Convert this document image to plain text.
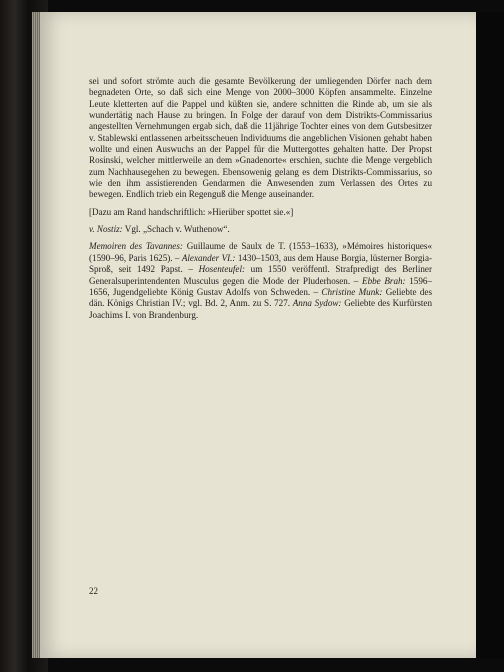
sei und sofort strömte auch die gesamte Bevölkerung der umliegenden Dörfer nach dem begnadeten Orte, so daß sich eine Menge von 2000–3000 Köpfen ansammelte. Einzelne Leute kletterten auf die Pappel und küßten sie, andere schnitten die Rinde ab, um sie als wundertätig nach Hause zu bringen. In Folge der darauf von dem Distrikts-Commissarius angestellten Vernehmungen ergab sich, daß die 11jährige Tochter eines von dem Gutsbesitzer v. Stablewski entlassenen arbeitsscheuen Individuums die angeblichen Visionen gehabt haben wollte und einen Auswuchs an der Pappel für die Muttergottes gehalten hatte. Der Propst Rosinski, welcher mittlerweile an dem »Gnadenorte« erschien, suchte die Menge vergeblich zum Nachhausegehen zu bewegen. Ebensowenig gelang es dem Distrikts-Commissarius, so wie den ihm assistierenden Gendarmen die Anwesenden zum Verlassen des Ortes zu bewegen. Endlich trieb ein Regenguß die Menge auseinander.

[Dazu am Rand handschriftlich: »Hierüber spottet sie.«]

v. Nostiz: Vgl. „Schach v. Wuthenow“.

Memoiren des Tavannes: Guillaume de Saulx de T. (1553–1633), »Mémoires historiques« (1590–96, Paris 1625). – Alexander VI.: 1430–1503, aus dem Hause Borgia, lüsterner Borgia-Sproß, seit 1492 Papst. – Hosenteufel: um 1550 veröffentl. Strafpredigt des Berliner Generalsuperintendenten Musculus gegen die Mode der Pluderhosen. – Ebbe Brah: 1596–1656, Jugendgeliebte König Gustav Adolfs von Schweden. – Christine Munk: Geliebte des dän. Königs Christian IV.; vgl. Bd. 2, Anm. zu S. 727. Anna Sydow: Geliebte des Kurfürsten Joachims I. von Brandenburg.

22
